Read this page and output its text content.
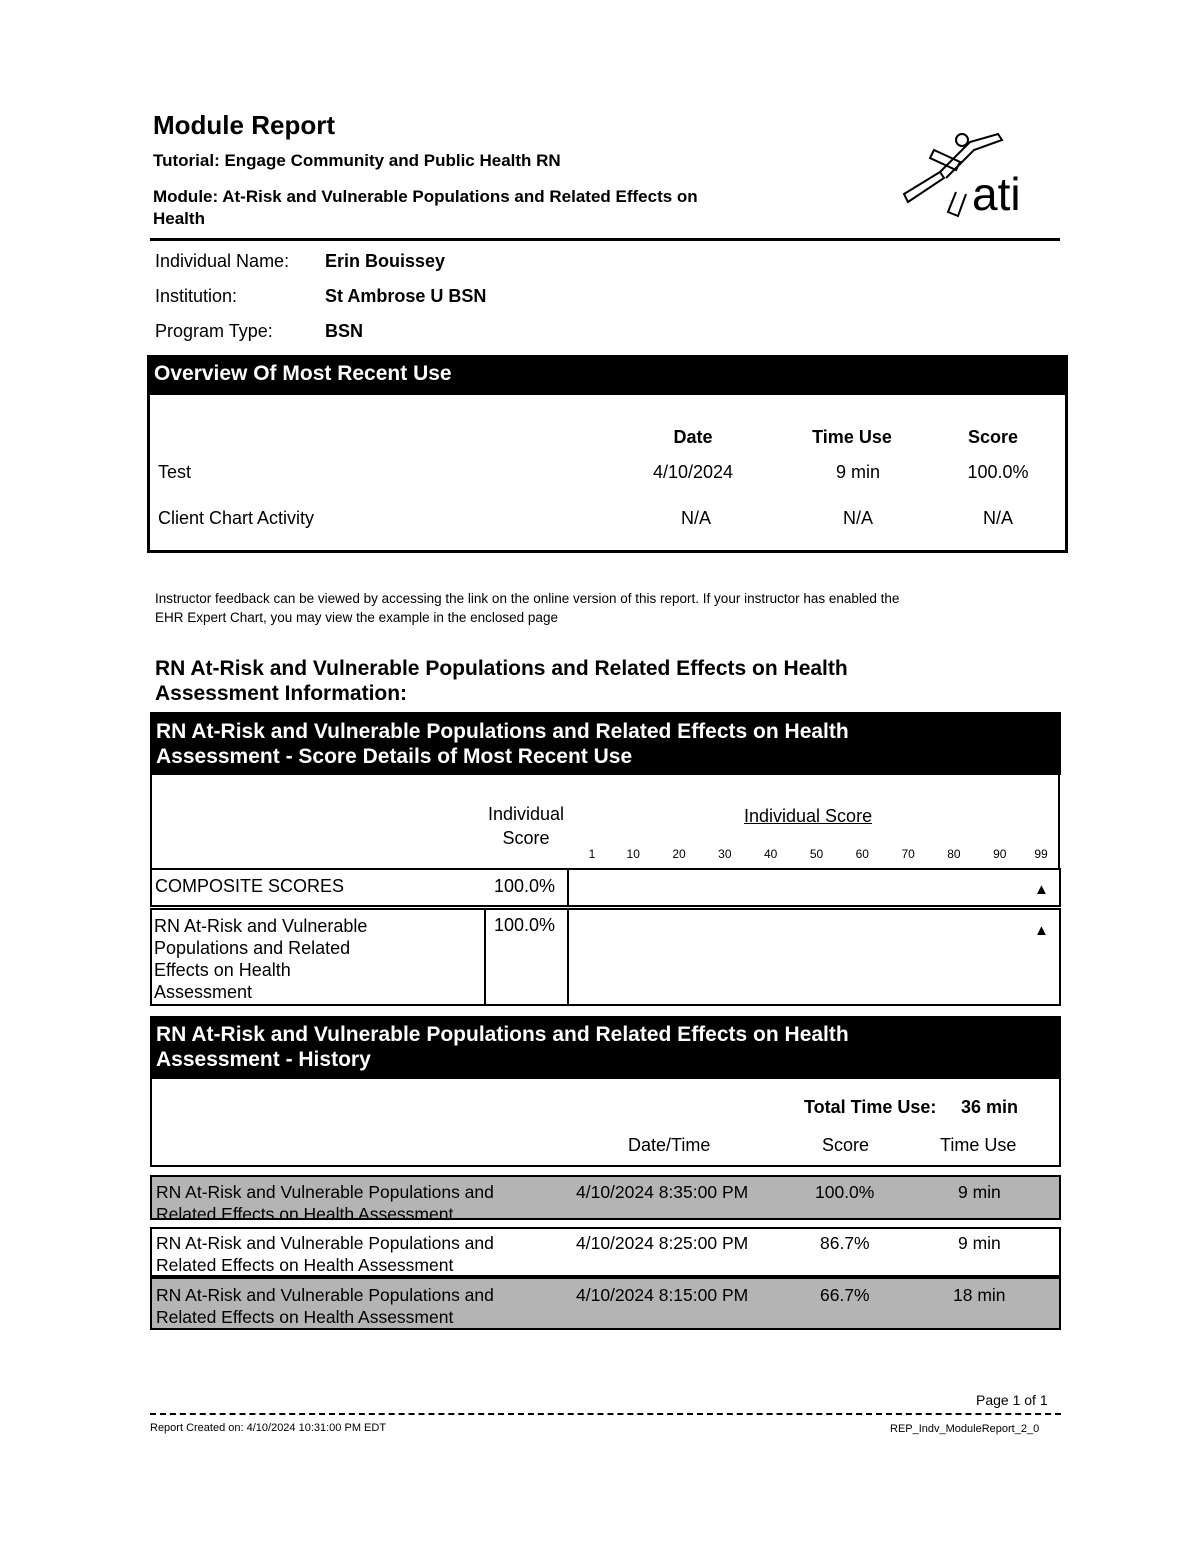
Module Report
Tutorial: Engage Community and Public Health RN
Module: At-Risk and Vulnerable Populations and Related Effects on
Health	ati
Individual Name: Erin Bouissey
Institution:	St Ambrose U BSN
Program Type:	BSN
Overview Of Most Recent Use
Date	Time Use	Score
Test	4/10/2024	9 min	100.0%
Client Chart Activity	N/A	N/A	N/A
Instructor feedback can be viewed by accessing the link on the online version of this report. If your instructor has enabled the
EHR Expert Chart, you may view the example in the enclosed page
RN At-Risk and Vulnerable Populations and Related Effects on Health
Assessment Information:
RN At-Risk and Vulnerable Populations and Related Effects on Health
Assessment - Score Details of Most Recent Use
Individual
Score
Individual Score
1	10	20	30	40	50	60	70	80	90	99
COMPOSITE SCORES	100.0%	▲
RN At-Risk and Vulnerable
Populations and Related
Effects on Health
Assessment
100.0%	▲
RN At-Risk and Vulnerable Populations and Related Effects on Health
Assessment - History
Total Time Use: 36 min
Date/Time	Score	Time Use
RN At-Risk and Vulnerable Populations and
Related Effects on Health Assessment
4/10/2024 8:35:00 PM	100.0%	9 min
RN At-Risk and Vulnerable Populations and
Related Effects on Health Assessment
4/10/2024 8:25:00 PM	86.7%	9 min
RN At-Risk and Vulnerable Populations and
Related Effects on Health Assessment
4/10/2024 8:15:00 PM	66.7%	18 min
Page 1 of 1
Report Created on: 4/10/2024 10:31:00 PM EDT	REP_Indv_ModuleReport_2_0
